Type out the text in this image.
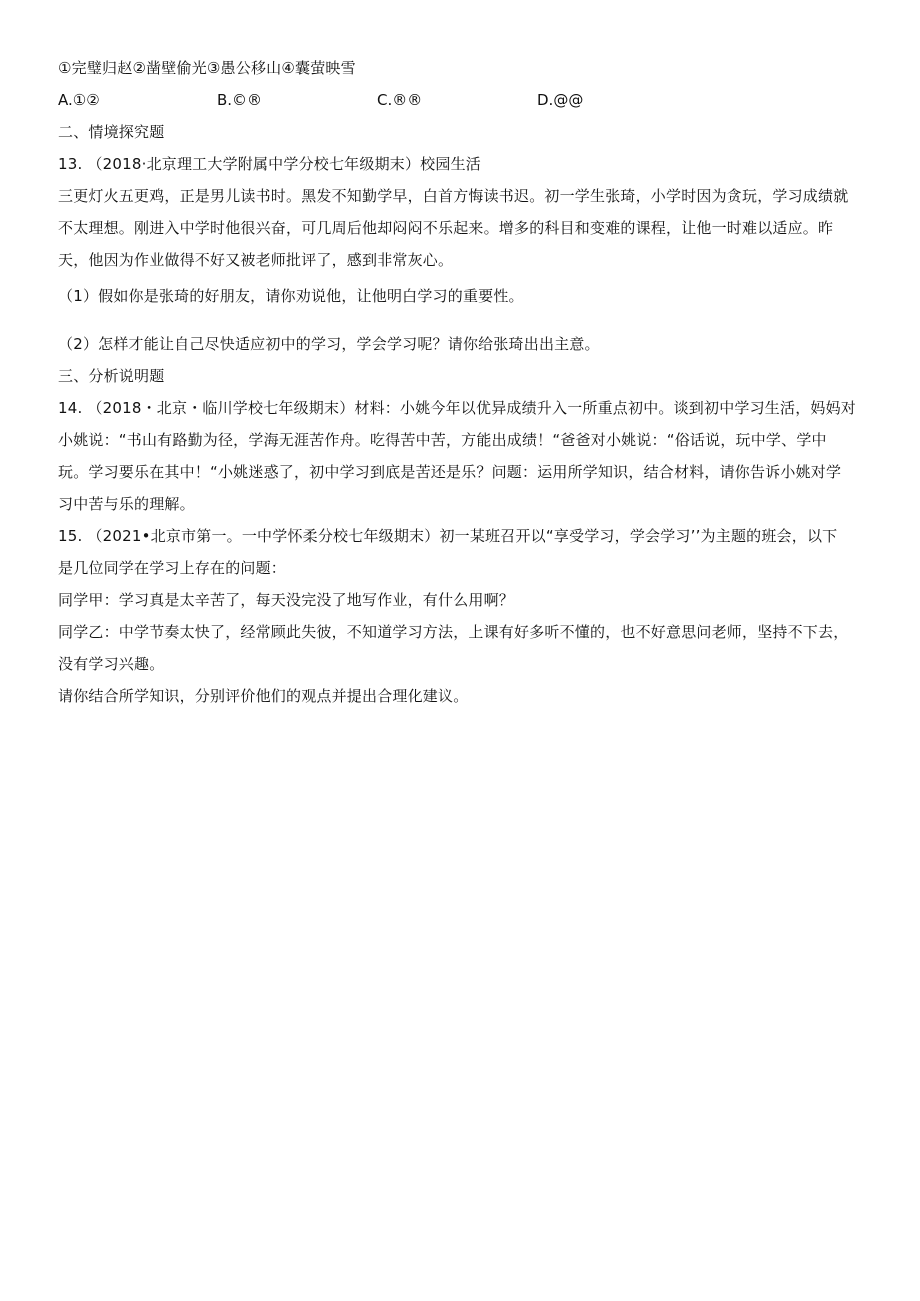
①完璧归赵②凿壁偷光③愚公移山④囊萤映雪
A.①②	B.©®	C.®®	D.@@
二、情境探究题
13. （2018·北京理工大学附属中学分校七年级期末）校园生活
三更灯火五更鸡，正是男儿读书时。黑发不知勤学早，白首方悔读书迟。初一学生张琦，小学时因为贪玩，学习成绩就
不太理想。刚进入中学时他很兴奋，可几周后他却闷闷不乐起来。增多的科目和变难的课程，让他一时难以适应。昨
天，他因为作业做得不好又被老师批评了，感到非常灰心。
（1）假如你是张琦的好朋友，请你劝说他，让他明白学习的重要性。
（2）怎样才能让自己尽快适应初中的学习，学会学习呢？请你给张琦出出主意。
三、分析说明题
14. （2018・北京・临川学校七年级期末）材料：小姚今年以优异成绩升入一所重点初中。谈到初中学习生活，妈妈对
小姚说：“书山有路勤为径，学海无涯苦作舟。吃得苦中苦，方能出成绩！“爸爸对小姚说：“俗话说，玩中学、学中
玩。学习要乐在其中！“小姚迷惑了，初中学习到底是苦还是乐？问题：运用所学知识，结合材料，请你告诉小姚对学
习中苦与乐的理解。
15. （2021•北京市第一。一中学怀柔分校七年级期末）初一某班召开以“享受学习，学会学习’’为主题的班会，以下
是几位同学在学习上存在的问题：
同学甲：学习真是太辛苦了，每天没完没了地写作业，有什么用啊？
同学乙：中学节奏太快了，经常顾此失彼，不知道学习方法，上课有好多听不懂的，也不好意思问老师，坚持不下去，
没有学习兴趣。
请你结合所学知识，分别评价他们的观点并提出合理化建议。
